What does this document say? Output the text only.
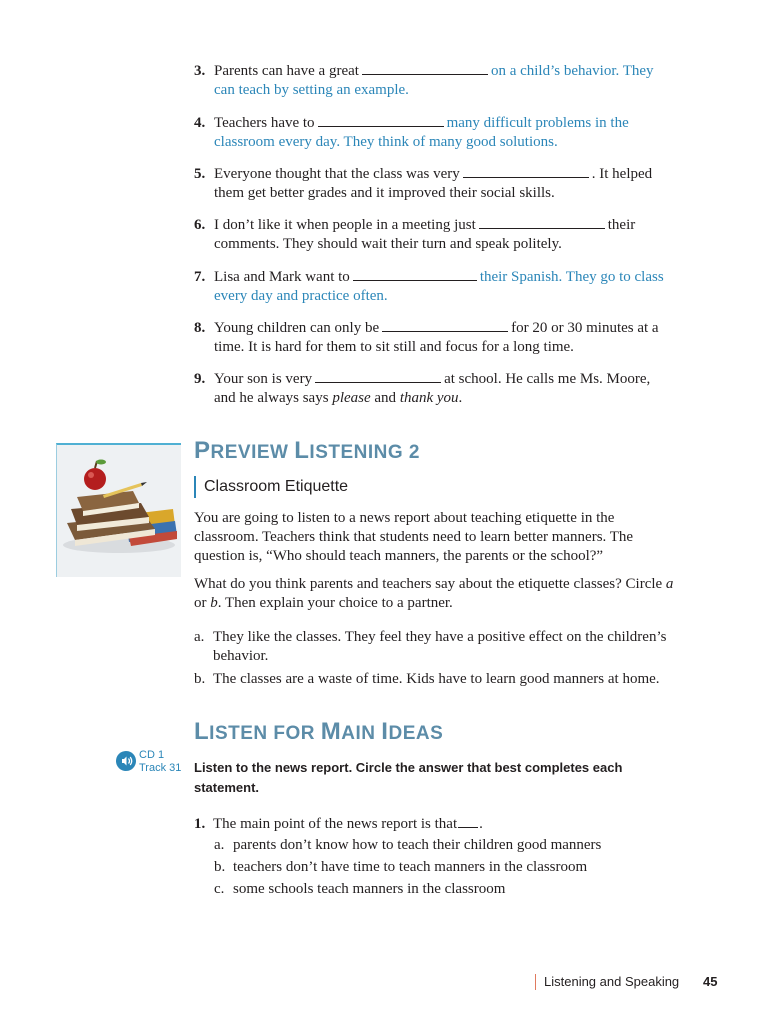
3. Parents can have a great	on a child’s behavior. They can teach by setting an example.
4. Teachers have to	many difficult problems in the classroom every day. They think of many good solutions.
5. Everyone thought that the class was very	. It helped them get better grades and it improved their social skills.
6. I don’t like it when people in a meeting just	their comments. They should wait their turn and speak politely.
7. Lisa and Mark want to	their Spanish. They go to class every day and practice often.
8. Young children can only be	for 20 or 30 minutes at a time. It is hard for them to sit still and focus for a long time.
9. Your son is very	at school. He calls me Ms. Moore, and he always says please and thank you.
PREVIEW LISTENING 2
Classroom Etiquette
You are going to listen to a news report about teaching etiquette in the classroom. Teachers think that students need to learn better manners. The question is, “Who should teach manners, the parents or the school?”
What do you think parents and teachers say about the etiquette classes? Circle a or b. Then explain your choice to a partner.
a. They like the classes. They feel they have a positive effect on the children’s behavior.
b. The classes are a waste of time. Kids have to learn good manners at home.
LISTEN FOR MAIN IDEAS
CD 1
Track 31 Listen to the news report. Circle the answer that best completes each statement.
1. The main point of the news report is that .
a. parents don’t know how to teach their children good manners
b. teachers don’t have time to teach manners in the classroom
c. some schools teach manners in the classroom
Listening and Speaking 45
